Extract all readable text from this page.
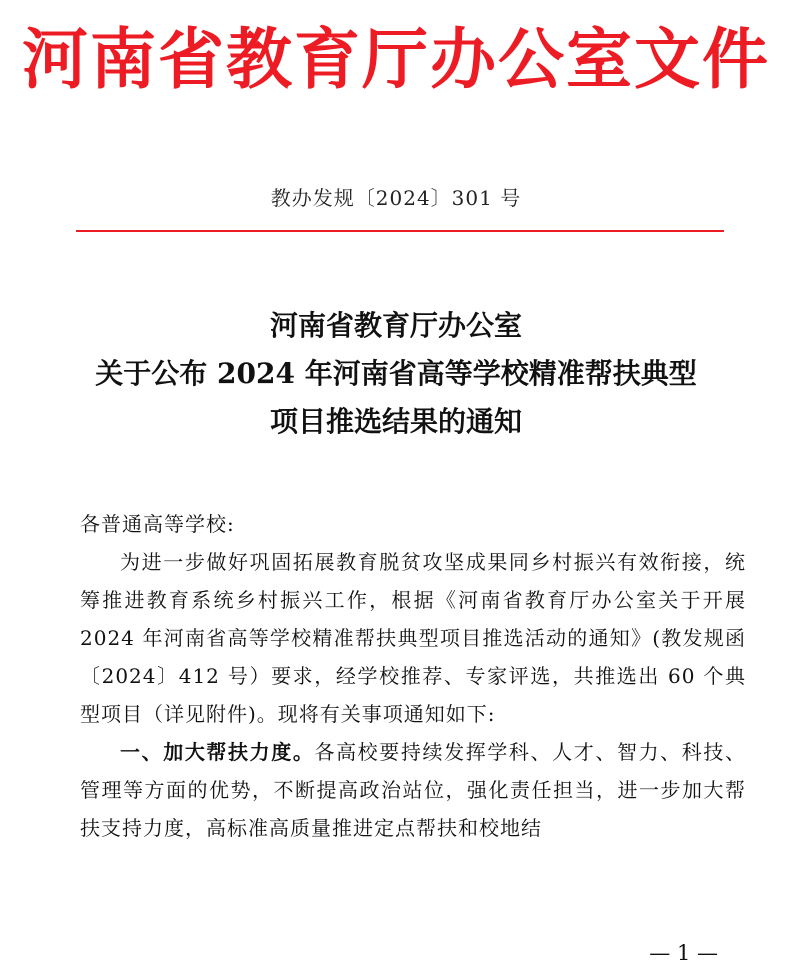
河南省教育厅办公室文件
教办发规〔2024〕301 号
河南省教育厅办公室
关于公布 2024 年河南省高等学校精准帮扶典型
项目推选结果的通知

各普通高等学校:

为进一步做好巩固拓展教育脱贫攻坚成果同乡村振兴有效衔接，统筹推进教育系统乡村振兴工作，根据《河南省教育厅办公室关于开展 2024 年河南省高等学校精准帮扶典型项目推选活动的通知》(教发规函〔2024〕412 号）要求，经学校推荐、专家评选，共推选出 60 个典型项目（详见附件)。现将有关事项通知如下:

一、加大帮扶力度。各高校要持续发挥学科、人才、智力、科技、管理等方面的优势，不断提高政治站位，强化责任担当，进一步加大帮扶支持力度，高标准高质量推进定点帮扶和校地结

— 1 —
